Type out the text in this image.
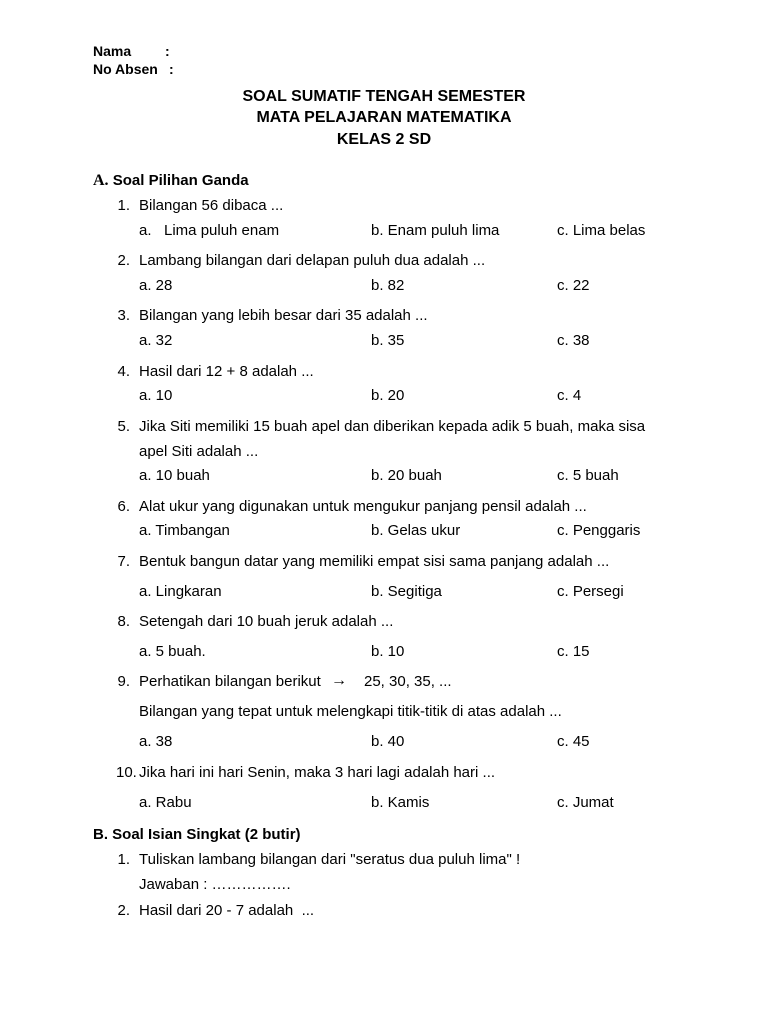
Nama :
No Absen :
SOAL SUMATIF TENGAH SEMESTER
MATA PELAJARAN MATEMATIKA
KELAS 2 SD
A. Soal Pilihan Ganda
1. Bilangan 56 dibaca ...
a.   Lima puluh enam	b. Enam puluh lima	c. Lima belas
2. Lambang bilangan dari delapan puluh dua adalah ...
a. 28	b. 82	c. 22
3. Bilangan yang lebih besar dari 35 adalah ...
a. 32	b. 35	c. 38
4. Hasil dari 12 + 8 adalah ...
a. 10	b. 20	c. 4
5. Jika Siti memiliki 15 buah apel dan diberikan kepada adik 5 buah, maka sisa
apel Siti adalah ...
a. 10 buah	b. 20 buah	c. 5 buah
6. Alat ukur yang digunakan untuk mengukur panjang pensil adalah ...
a. Timbangan	b. Gelas ukur	c. Penggaris
7. Bentuk bangun datar yang memiliki empat sisi sama panjang adalah ...
a. Lingkaran	b. Segitiga	c. Persegi
8. Setengah dari 10 buah jeruk adalah ...
a. 5 buah.	b. 10	c. 15
9. Perhatikan bilangan berikut → 25, 30, 35, ...
Bilangan yang tepat untuk melengkapi titik-titik di atas adalah ...
a. 38	b. 40	c. 45
10. Jika hari ini hari Senin, maka 3 hari lagi adalah hari ...
a. Rabu	b. Kamis	c. Jumat
B. Soal Isian Singkat (2 butir)
1. Tuliskan lambang bilangan dari "seratus dua puluh lima" !
Jawaban : …………….
2. Hasil dari 20 - 7 adalah  ...
